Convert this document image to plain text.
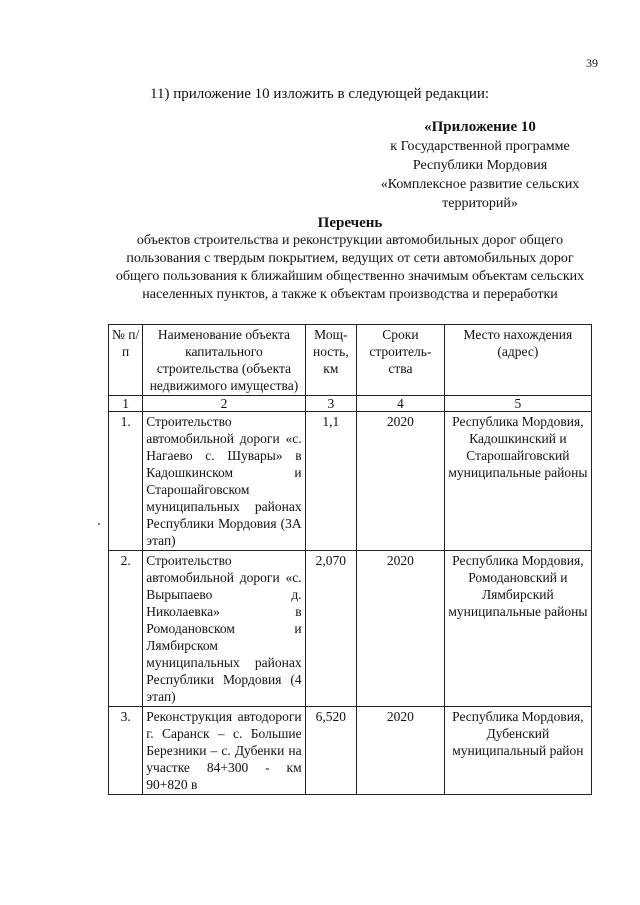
39
11) приложение 10 изложить в следующей редакции:
«Приложение 10
к Государственной программе
Республики Мордовия
«Комплексное развитие сельских
территорий»
Перечень
объектов строительства и реконструкции автомобильных дорог общего пользования с твердым покрытием, ведущих от сети автомобильных дорог общего пользования к ближайшим общественно значимым объектам сельских населенных пунктов, а также к объектам производства и переработки
№ п/п	Наименование объекта капитального строительства (объекта недвижимого имущества)	Мощ-ность, км	Сроки строитель-ства	Место нахождения (адрес)
1	2	3	4	5
1.	Строительство автомобильной дороги «с. Нагаево с. Шувары» в Кадошкинском и Старошайговском муниципальных районах Республики Мордовия (3А этап)	1,1	2020	Республика Мордовия, Кадошкинский и Старошайговский муниципальные районы
2.	Строительство автомобильной дороги «с. Вырыпаево д. Николаевка» в Ромодановском и Лямбирском муниципальных районах Республики Мордовия (4 этап)	2,070	2020	Республика Мордовия, Ромодановский и Лямбирский муниципальные районы
3.	Реконструкция автодороги г. Саранск – с. Большие Березники – с. Дубенки на участке 84+300 - км 90+820 в	6,520	2020	Республика Мордовия, Дубенский муниципальный район
